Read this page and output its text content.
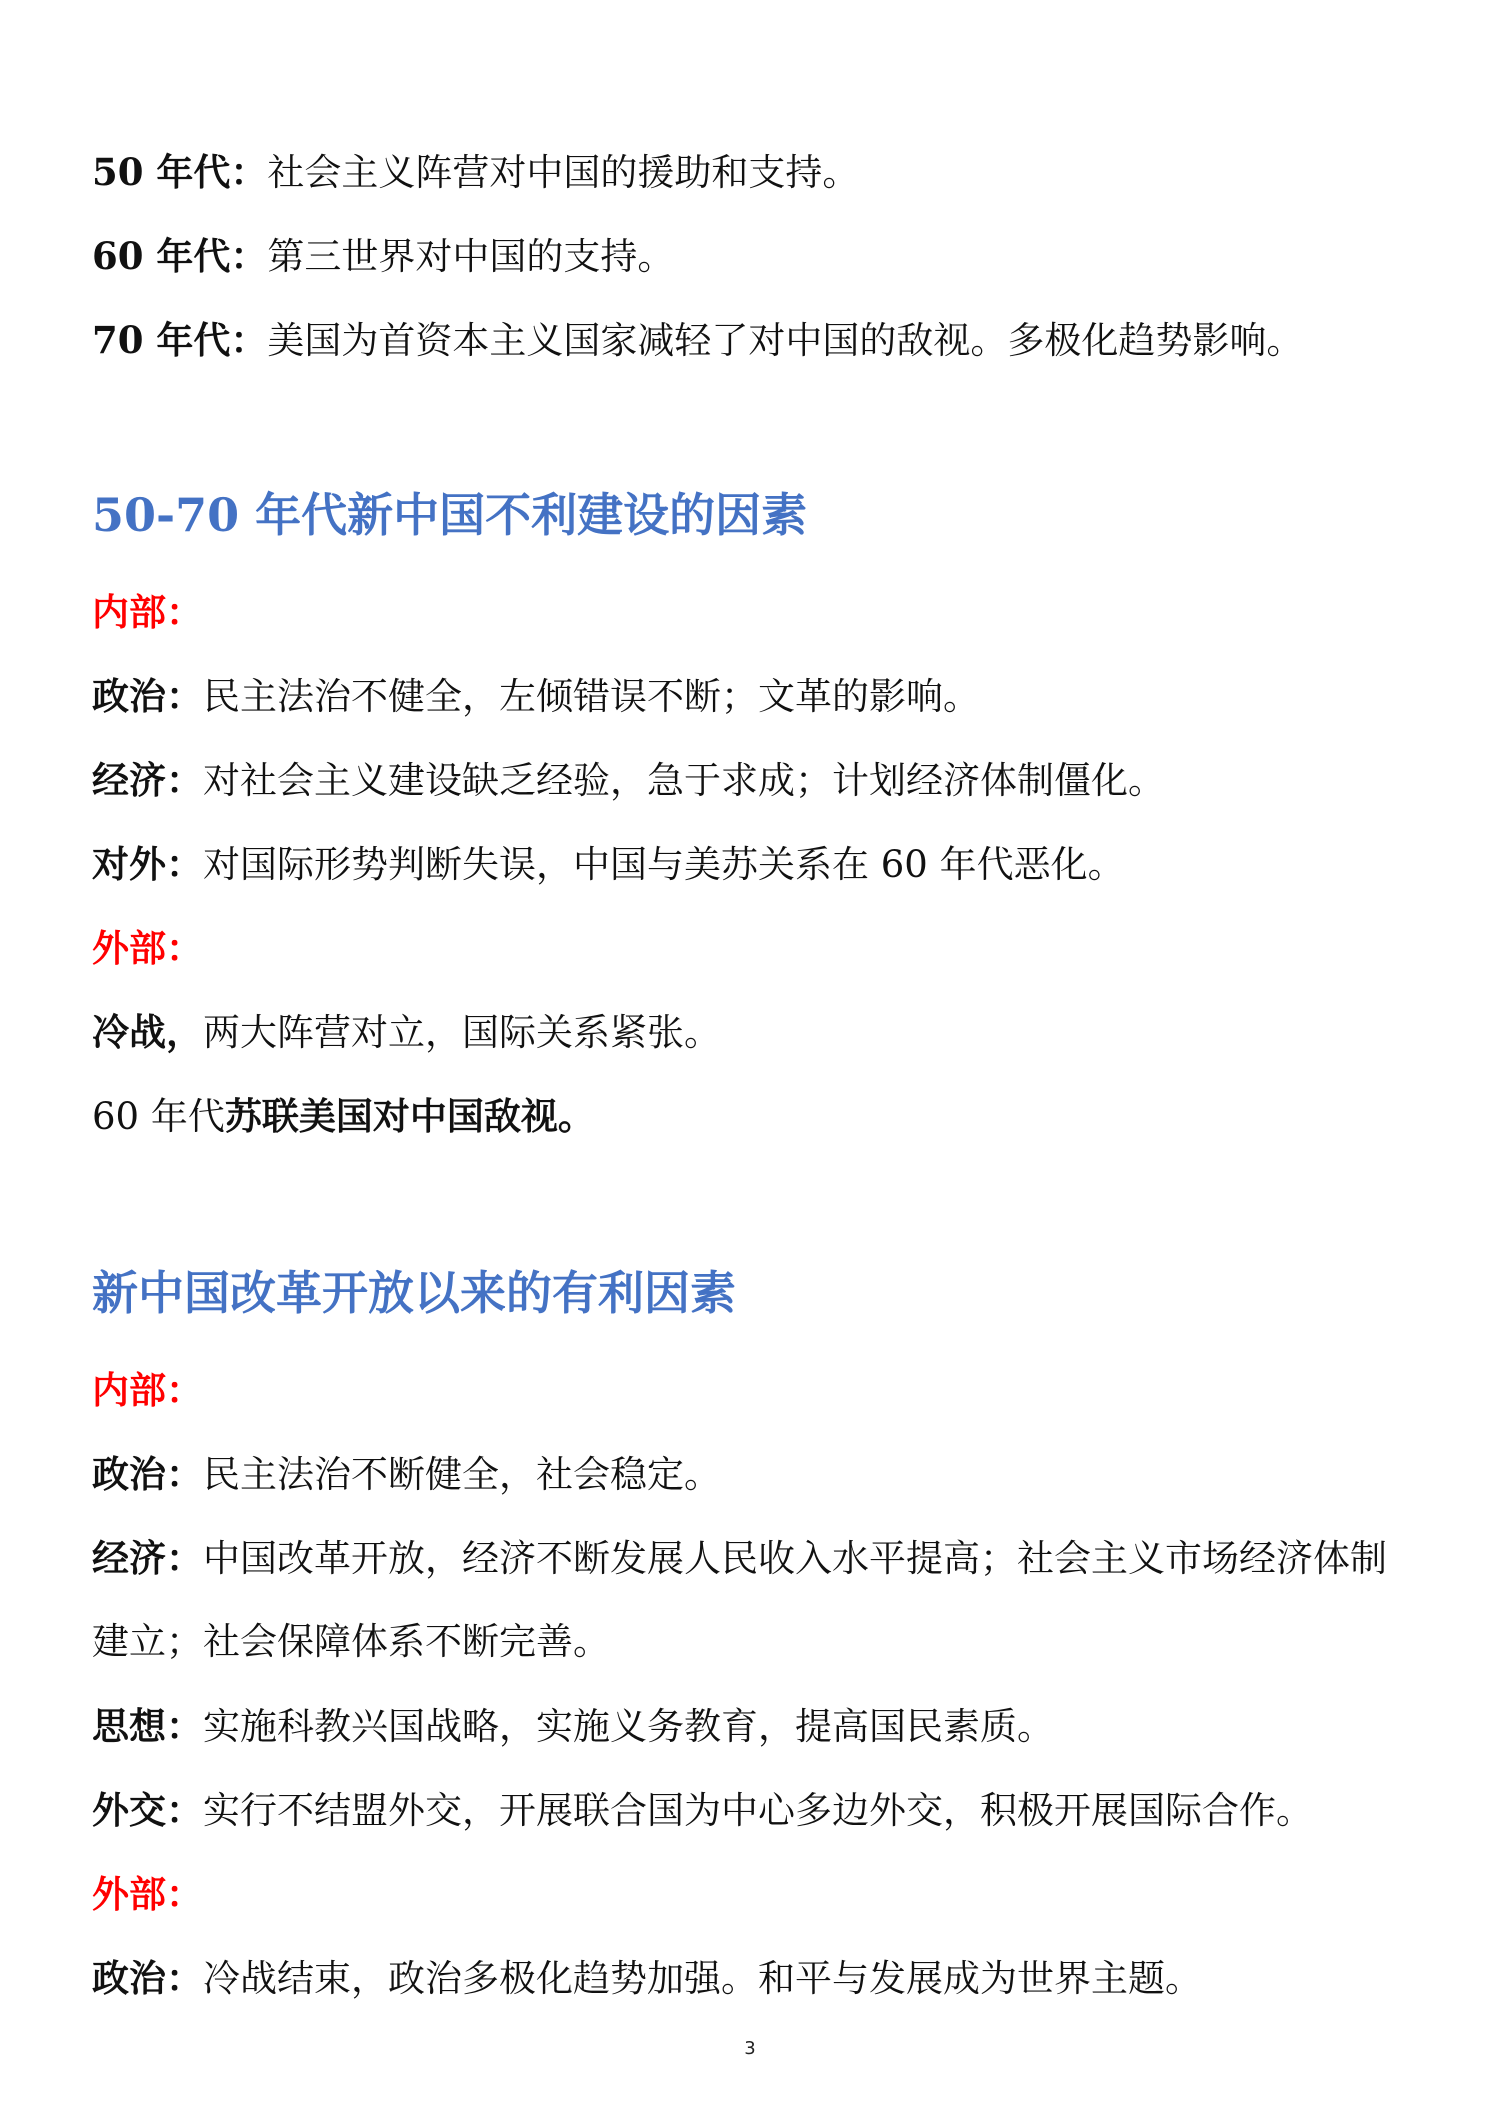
50 年代：社会主义阵营对中国的援助和支持。
60 年代：第三世界对中国的支持。
70 年代：美国为首资本主义国家减轻了对中国的敌视。多极化趋势影响。
50-70 年代新中国不利建设的因素
内部：
政治：民主法治不健全，左倾错误不断；文革的影响。
经济：对社会主义建设缺乏经验，急于求成；计划经济体制僵化。
对外：对国际形势判断失误，中国与美苏关系在 60 年代恶化。
外部：
冷战，两大阵营对立，国际关系紧张。
60 年代苏联美国对中国敌视。
新中国改革开放以来的有利因素
内部：
政治：民主法治不断健全，社会稳定。
经济：中国改革开放，经济不断发展人民收入水平提高；社会主义市场经济体制
建立；社会保障体系不断完善。
思想：实施科教兴国战略，实施义务教育，提高国民素质。
外交：实行不结盟外交，开展联合国为中心多边外交，积极开展国际合作。
外部：
政治：冷战结束，政治多极化趋势加强。和平与发展成为世界主题。
3
